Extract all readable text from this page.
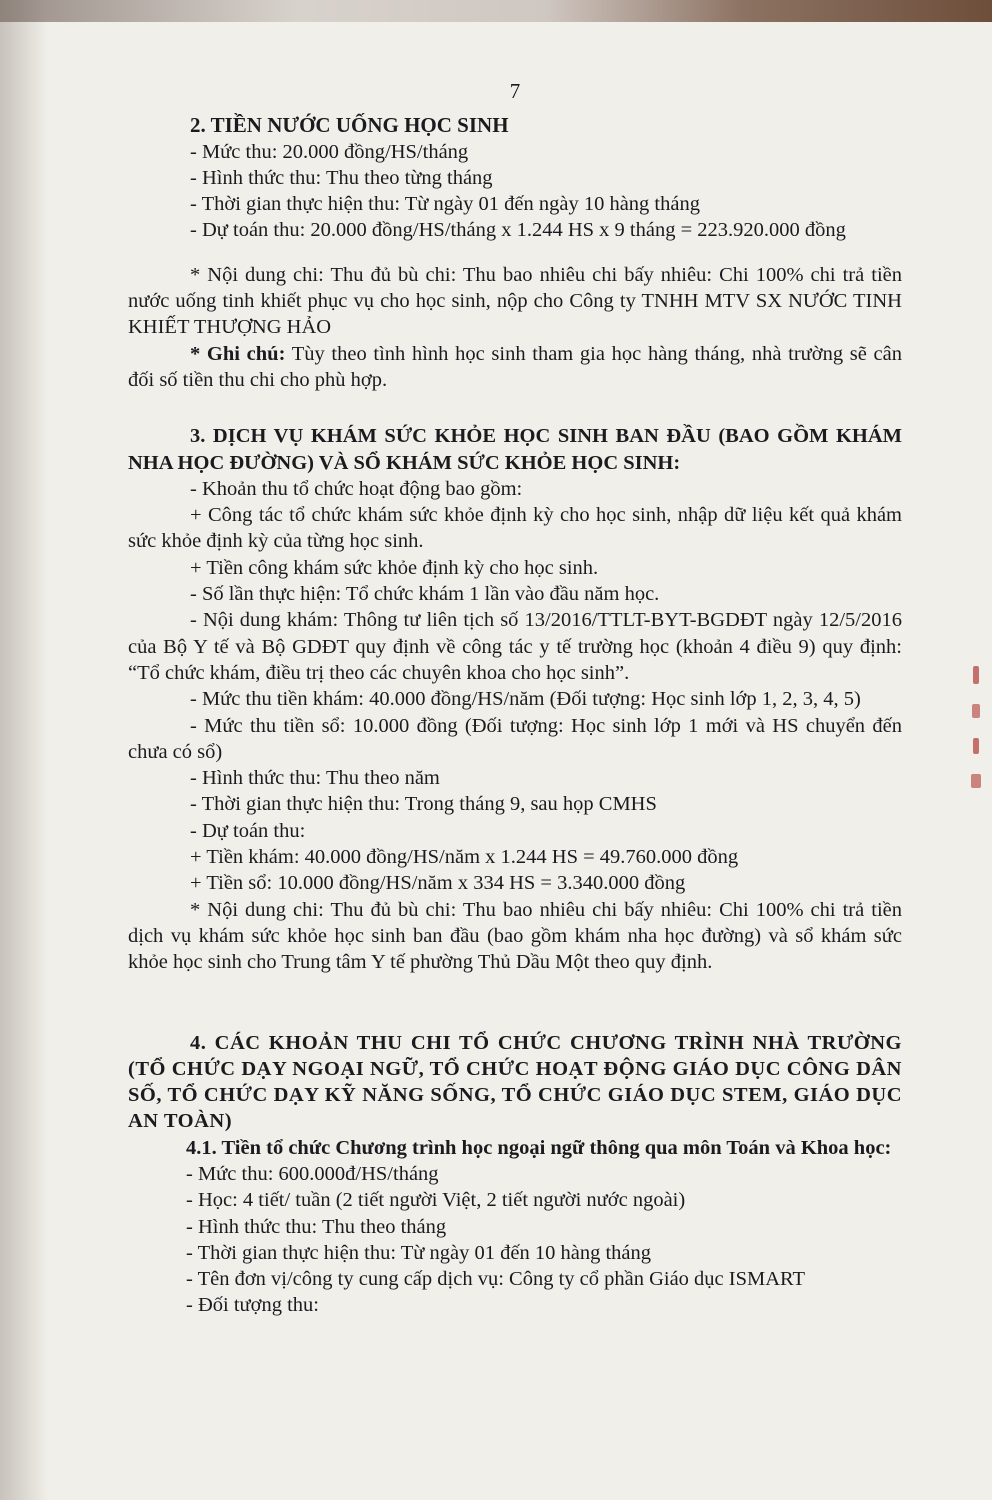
7
2. TIỀN NƯỚC UỐNG HỌC SINH

- Mức thu: 20.000 đồng/HS/tháng

- Hình thức thu: Thu theo từng tháng

- Thời gian thực hiện thu: Từ ngày 01 đến ngày 10 hàng tháng

- Dự toán thu: 20.000 đồng/HS/tháng x 1.244 HS x 9 tháng = 223.920.000 đồng

* Nội dung chi: Thu đủ bù chi: Thu bao nhiêu chi bấy nhiêu: Chi 100% chi trả tiền nước uống tinh khiết phục vụ cho học sinh, nộp cho Công ty TNHH MTV SX NƯỚC TINH KHIẾT THƯỢNG HẢO

* Ghi chú: Tùy theo tình hình học sinh tham gia học hàng tháng, nhà trường sẽ cân đối số tiền thu chi cho phù hợp.

3. DỊCH VỤ KHÁM SỨC KHỎE HỌC SINH BAN ĐẦU (BAO GỒM KHÁM NHA HỌC ĐƯỜNG) VÀ SỔ KHÁM SỨC KHỎE HỌC SINH:

- Khoản thu tổ chức hoạt động bao gồm:

+ Công tác tổ chức khám sức khỏe định kỳ cho học sinh, nhập dữ liệu kết quả khám sức khỏe định kỳ của từng học sinh.

+ Tiền công khám sức khỏe định kỳ cho học sinh.

- Số lần thực hiện: Tổ chức khám 1 lần vào đầu năm học.

- Nội dung khám: Thông tư liên tịch số 13/2016/TTLT-BYT-BGDĐT ngày 12/5/2016 của Bộ Y tế và Bộ GDĐT quy định về công tác y tế trường học (khoản 4 điều 9) quy định: “Tổ chức khám, điều trị theo các chuyên khoa cho học sinh”.

- Mức thu tiền khám: 40.000 đồng/HS/năm (Đối tượng: Học sinh lớp 1, 2, 3, 4, 5)

- Mức thu tiền sổ: 10.000 đồng (Đối tượng: Học sinh lớp 1 mới và HS chuyển đến chưa có sổ)

- Hình thức thu: Thu theo năm

- Thời gian thực hiện thu: Trong tháng 9, sau họp CMHS

- Dự toán thu:

+ Tiền khám: 40.000 đồng/HS/năm x 1.244 HS = 49.760.000 đồng

+ Tiền sổ: 10.000 đồng/HS/năm x 334 HS = 3.340.000 đồng

* Nội dung chi: Thu đủ bù chi: Thu bao nhiêu chi bấy nhiêu: Chi 100% chi trả tiền dịch vụ khám sức khỏe học sinh ban đầu (bao gồm khám nha học đường) và sổ khám sức khỏe học sinh cho Trung tâm Y tế phường Thủ Dầu Một theo quy định.

4. CÁC KHOẢN THU CHI TỔ CHỨC CHƯƠNG TRÌNH NHÀ TRƯỜNG (TỔ CHỨC DẠY NGOẠI NGỮ, TỔ CHỨC HOẠT ĐỘNG GIÁO DỤC CÔNG DÂN SỐ, TỔ CHỨC DẠY KỸ NĂNG SỐNG, TỔ CHỨC GIÁO DỤC STEM, GIÁO DỤC AN TOÀN)

4.1. Tiền tổ chức Chương trình học ngoại ngữ thông qua môn Toán và Khoa học:

- Mức thu: 600.000đ/HS/tháng

- Học: 4 tiết/ tuần (2 tiết người Việt, 2 tiết người nước ngoài)

- Hình thức thu: Thu theo tháng

- Thời gian thực hiện thu: Từ ngày 01 đến 10 hàng tháng

- Tên đơn vị/công ty cung cấp dịch vụ: Công ty cổ phần Giáo dục ISMART

- Đối tượng thu:
